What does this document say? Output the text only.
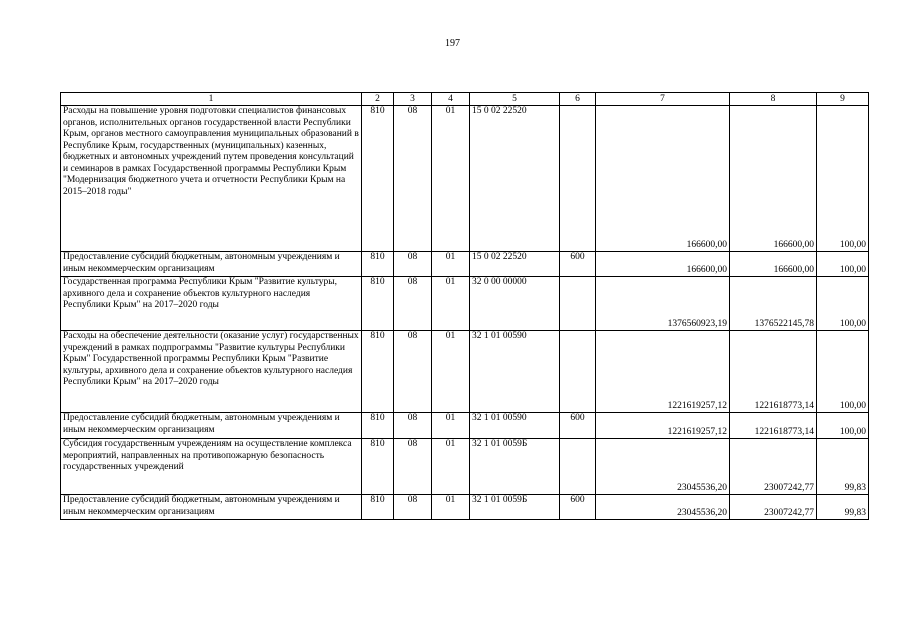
197
1	2	3	4	5	6	7	8	9
Расходы на повышение уровня подготовки специалистов финансовых органов, исполнительных органов государственной власти Республики Крым, органов местного самоуправления муниципальных образований в Республике Крым, государственных (муниципальных) казенных, бюджетных и автономных учреждений путем проведения консультаций и семинаров в рамках Государственной программы Республики Крым "Модернизация бюджетного учета и отчетности Республики Крым на 2015–2018 годы"	810	08	01	15 0 02 22520		166600,00	166600,00	100,00
Предоставление субсидий бюджетным, автономным учреждениям и иным некоммерческим организациям	810	08	01	15 0 02 22520	600	166600,00	166600,00	100,00
Государственная программа Республики Крым "Развитие культуры, архивного дела и сохранение объектов культурного наследия Республики Крым" на 2017–2020 годы	810	08	01	32 0 00 00000		1376560923,19	1376522145,78	100,00
Расходы на обеспечение деятельности (оказание услуг) государственных учреждений в рамках подпрограммы "Развитие культуры Республики Крым" Государственной программы Республики Крым "Развитие культуры, архивного дела и сохранение объектов культурного наследия Республики Крым" на 2017–2020 годы	810	08	01	32 1 01 00590		1221619257,12	1221618773,14	100,00
Предоставление субсидий бюджетным, автономным учреждениям и иным некоммерческим организациям	810	08	01	32 1 01 00590	600	1221619257,12	1221618773,14	100,00
Субсидия государственным учреждениям на осуществление комплекса мероприятий, направленных на противопожарную безопасность государственных учреждений	810	08	01	32 1 01 0059Б		23045536,20	23007242,77	99,83
Предоставление субсидий бюджетным, автономным учреждениям и иным некоммерческим организациям	810	08	01	32 1 01 0059Б	600	23045536,20	23007242,77	99,83
